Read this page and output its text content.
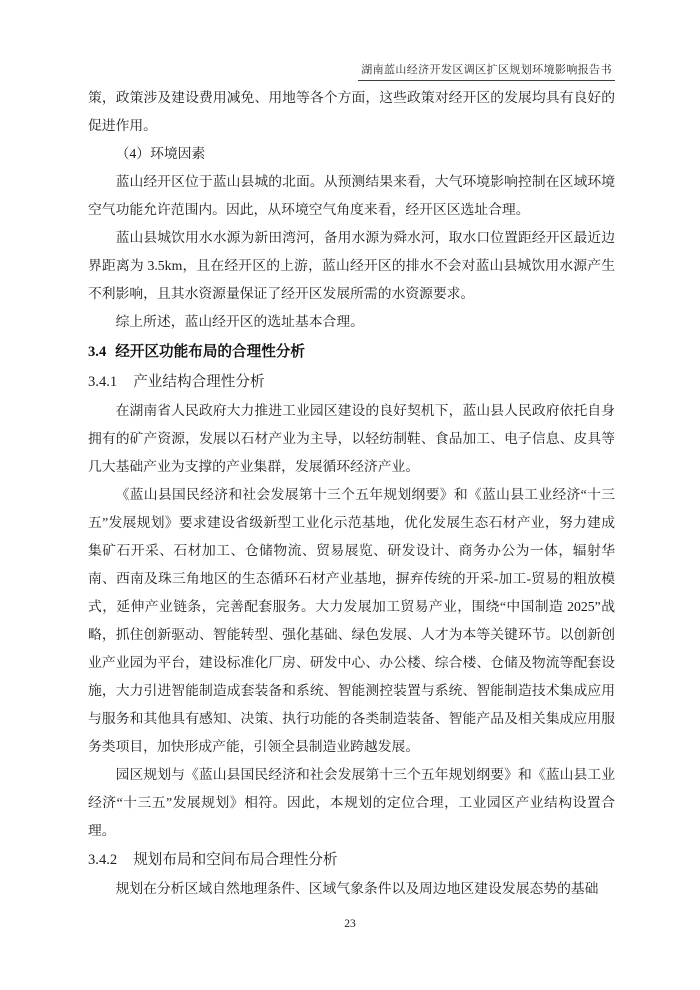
湖南蓝山经济开发区调区扩区规划环境影响报告书

策，政策涉及建设费用减免、用地等各个方面，这些政策对经开区的发展均具有良好的促进作用。

（4）环境因素

蓝山经开区位于蓝山县城的北面。从预测结果来看，大气环境影响控制在区域环境空气功能允许范围内。因此，从环境空气角度来看，经开区区选址合理。

蓝山县城饮用水水源为新田湾河，备用水源为舜水河，取水口位置距经开区最近边界距离为 3.5km，且在经开区的上游，蓝山经开区的排水不会对蓝山县城饮用水源产生不利影响，且其水资源量保证了经开区发展所需的水资源要求。

综上所述，蓝山经开区的选址基本合理。

3.4 经开区功能布局的合理性分析
3.4.1 产业结构合理性分析

在湖南省人民政府大力推进工业园区建设的良好契机下，蓝山县人民政府依托自身拥有的矿产资源，发展以石材产业为主导，以轻纺制鞋、食品加工、电子信息、皮具等几大基础产业为支撑的产业集群，发展循环经济产业。

《蓝山县国民经济和社会发展第十三个五年规划纲要》和《蓝山县工业经济“十三五”发展规划》要求建设省级新型工业化示范基地，优化发展生态石材产业，努力建成集矿石开采、石材加工、仓储物流、贸易展览、研发设计、商务办公为一体，辐射华南、西南及珠三角地区的生态循环石材产业基地，摒弃传统的开采-加工-贸易的粗放模式，延伸产业链条，完善配套服务。大力发展加工贸易产业，围绕“中国制造 2025”战略，抓住创新驱动、智能转型、强化基础、绿色发展、人才为本等关键环节。以创新创业产业园为平台，建设标准化厂房、研发中心、办公楼、综合楼、仓储及物流等配套设施，大力引进智能制造成套装备和系统、智能测控装置与系统、智能制造技术集成应用与服务和其他具有感知、决策、执行功能的各类制造装备、智能产品及相关集成应用服务类项目，加快形成产能，引领全县制造业跨越发展。

园区规划与《蓝山县国民经济和社会发展第十三个五年规划纲要》和《蓝山县工业经济“十三五”发展规划》相符。因此，本规划的定位合理，工业园区产业结构设置合理。

3.4.2 规划布局和空间布局合理性分析

规划在分析区域自然地理条件、区域气象条件以及周边地区建设发展态势的基础

23
